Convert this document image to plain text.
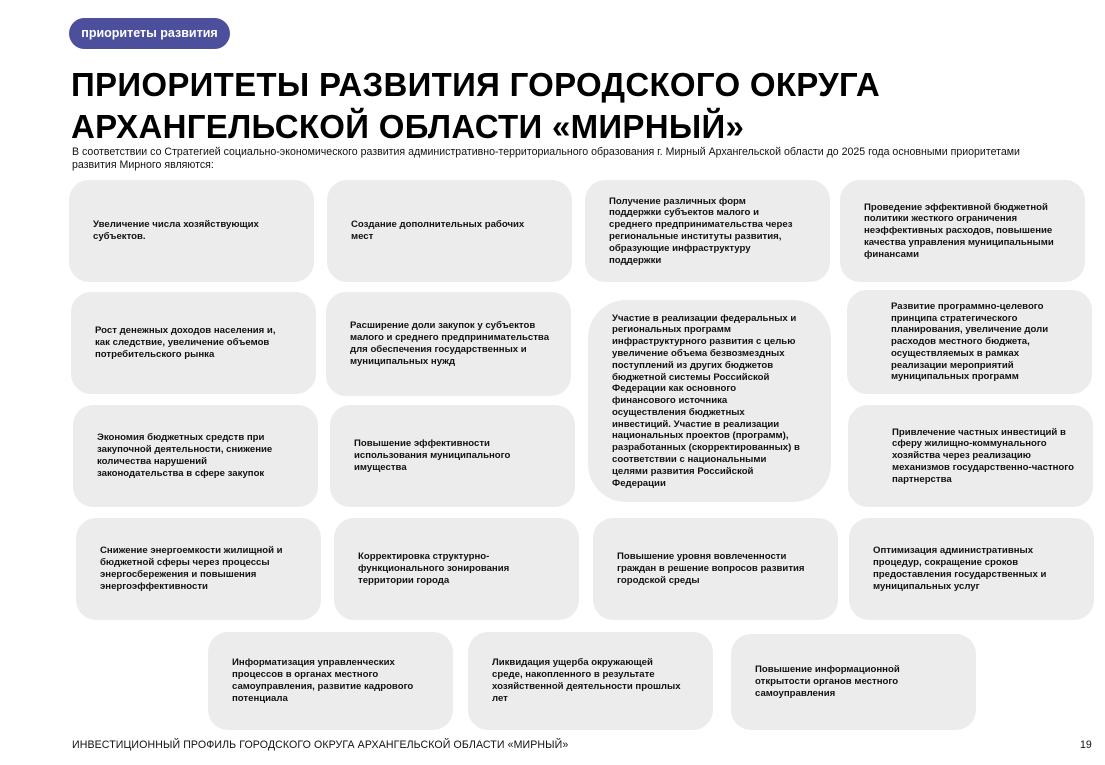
приоритеты развития
ПРИОРИТЕТЫ РАЗВИТИЯ ГОРОДСКОГО ОКРУГА АРХАНГЕЛЬСКОЙ ОБЛАСТИ «МИРНЫЙ»

В соответствии со Стратегией социально-экономического развития административно-территориального образования г. Мирный Архангельской области до 2025 года основными приоритетами развития Мирного являются:

Увеличение числа хозяйствующих субъектов.
Создание дополнительных рабочих мест
Получение различных форм поддержки субъектов малого и среднего предпринимательства через региональные институты развития, образующие инфраструктуру поддержки
Проведение эффективной бюджетной политики жесткого ограничения неэффективных расходов, повышение качества управления муниципальными финансами
Рост денежных доходов населения и, как следствие, увеличение объемов потребительского рынка
Расширение доли закупок у субъектов малого и среднего предпринимательства для обеспечения государственных и муниципальных нужд
Участие в реализации федеральных и региональных программ инфраструктурного развития с целью увеличение объема безвозмездных поступлений из других бюджетов бюджетной системы Российской Федерации как основного финансового источника осуществления бюджетных инвестиций. Участие в реализации национальных проектов (программ), разработанных (скорректированных) в соответствии с национальными целями развития Российской Федерации
Развитие программно-целевого принципа стратегического планирования, увеличение доли расходов местного бюджета, осуществляемых в рамках реализации мероприятий муниципальных программ
Экономия бюджетных средств при закупочной деятельности, снижение количества нарушений законодательства в сфере закупок
Повышение эффективности использования муниципального имущества
Привлечение частных инвестиций в сферу жилищно-коммунального хозяйства через реализацию механизмов государственно-частного партнерства
Снижение энергоемкости жилищной и бюджетной сферы через процессы энергосбережения и повышения энергоэффективности
Корректировка структурно-функционального зонирования территории города
Повышение уровня вовлеченности граждан в решение вопросов развития городской среды
Оптимизация административных процедур, сокращение сроков предоставления государственных и муниципальных услуг
Информатизация управленческих процессов в органах местного самоуправления, развитие кадрового потенциала
Ликвидация ущерба окружающей среде, накопленного в результате хозяйственной деятельности прошлых лет
Повышение информационной открытости органов местного самоуправления

ИНВЕСТИЦИОННЫЙ ПРОФИЛЬ ГОРОДСКОГО ОКРУГА АРХАНГЕЛЬСКОЙ ОБЛАСТИ «МИРНЫЙ»	19
